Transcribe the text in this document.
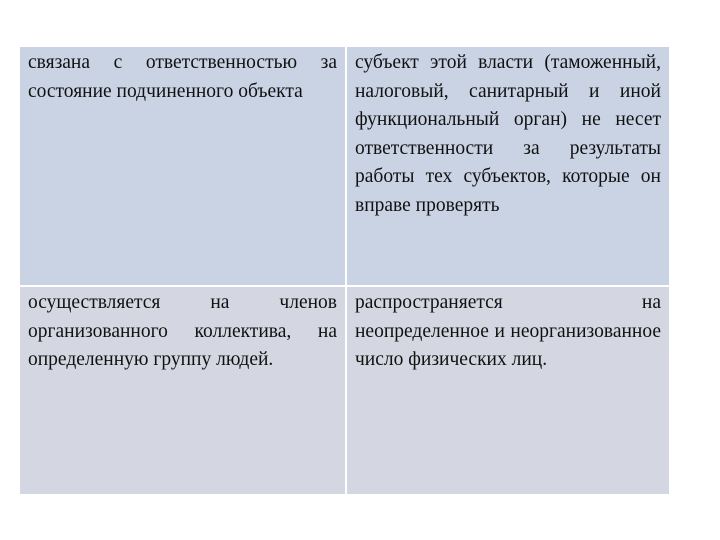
связана с ответственностью за состояние подчиненного объекта	субъект этой власти (таможенный, налоговый, санитарный и иной функциональный орган) не несет ответственности за результаты работы тех субъектов, которые он вправе проверять
осуществляется на членов организованного коллектива, на определенную группу людей.	распространяется на неопределенное и неорганизованное число физических лиц.
